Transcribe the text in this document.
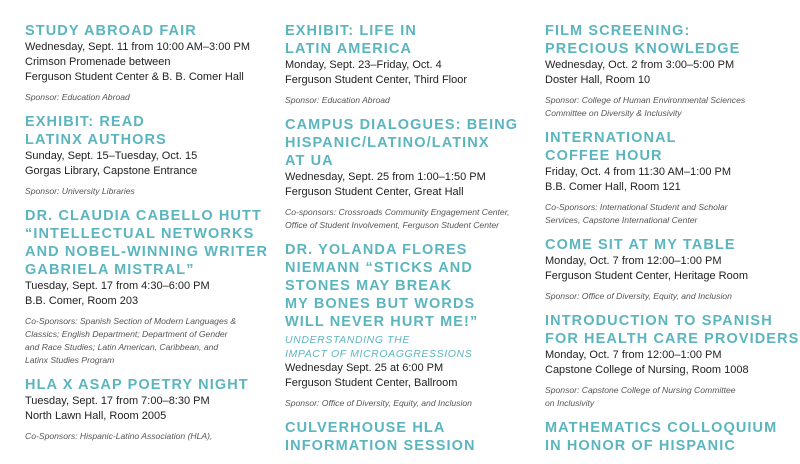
STUDY ABROAD FAIR
Wednesday, Sept. 11 from 10:00 AM–3:00 PM
Crimson Promenade between
Ferguson Student Center & B. B. Comer Hall
Sponsor: Education Abroad
EXHIBIT: READ
LATINX AUTHORS
Sunday, Sept. 15–Tuesday, Oct. 15
Gorgas Library, Capstone Entrance
Sponsor: University Libraries
DR. CLAUDIA CABELLO HUTT
“INTELLECTUAL NETWORKS
AND NOBEL-WINNING WRITER
GABRIELA MISTRAL”
Tuesday, Sept. 17 from 4:30–6:00 PM
B.B. Comer, Room 203
Co-Sponsors: Spanish Section of Modern Languages &
Classics; English Department; Department of Gender
and Race Studies; Latin American, Caribbean, and
Latinx Studies Program
HLA X ASAP POETRY NIGHT
Tuesday, Sept. 17 from 7:00–8:30 PM
North Lawn Hall, Room 2005
Co-Sponsors: Hispanic-Latino Association (HLA),
EXHIBIT: LIFE IN
LATIN AMERICA
Monday, Sept. 23–Friday, Oct. 4
Ferguson Student Center, Third Floor
Sponsor: Education Abroad
CAMPUS DIALOGUES: BEING
HISPANIC/LATINO/LATINX
AT UA
Wednesday, Sept. 25 from 1:00–1:50 PM
Ferguson Student Center, Great Hall
Co-sponsors: Crossroads Community Engagement Center,
Office of Student Involvement, Ferguson Student Center
DR. YOLANDA FLORES
NIEMANN “STICKS AND
STONES MAY BREAK
MY BONES BUT WORDS
WILL NEVER HURT ME!”
UNDERSTANDING THE
IMPACT OF MICROAGGRESSIONS
Wednesday Sept. 25 at 6:00 PM
Ferguson Student Center, Ballroom
Sponsor: Office of Diversity, Equity, and Inclusion
CULVERHOUSE HLA
INFORMATION SESSION
FILM SCREENING:
PRECIOUS KNOWLEDGE
Wednesday, Oct. 2 from 3:00–5:00 PM
Doster Hall, Room 10
Sponsor: College of Human Environmental Sciences
Committee on Diversity & Inclusivity
INTERNATIONAL
COFFEE HOUR
Friday, Oct. 4 from 11:30 AM–1:00 PM
B.B. Comer Hall, Room 121
Co-Sponsors: International Student and Scholar
Services, Capstone International Center
COME SIT AT MY TABLE
Monday, Oct. 7 from 12:00–1:00 PM
Ferguson Student Center, Heritage Room
Sponsor: Office of Diversity, Equity, and Inclusion
INTRODUCTION TO SPANISH
FOR HEALTH CARE PROVIDERS
Monday, Oct. 7 from 12:00–1:00 PM
Capstone College of Nursing, Room 1008
Sponsor: Capstone College of Nursing Committee
on Inclusivity
MATHEMATICS COLLOQUIUM
IN HONOR OF HISPANIC
